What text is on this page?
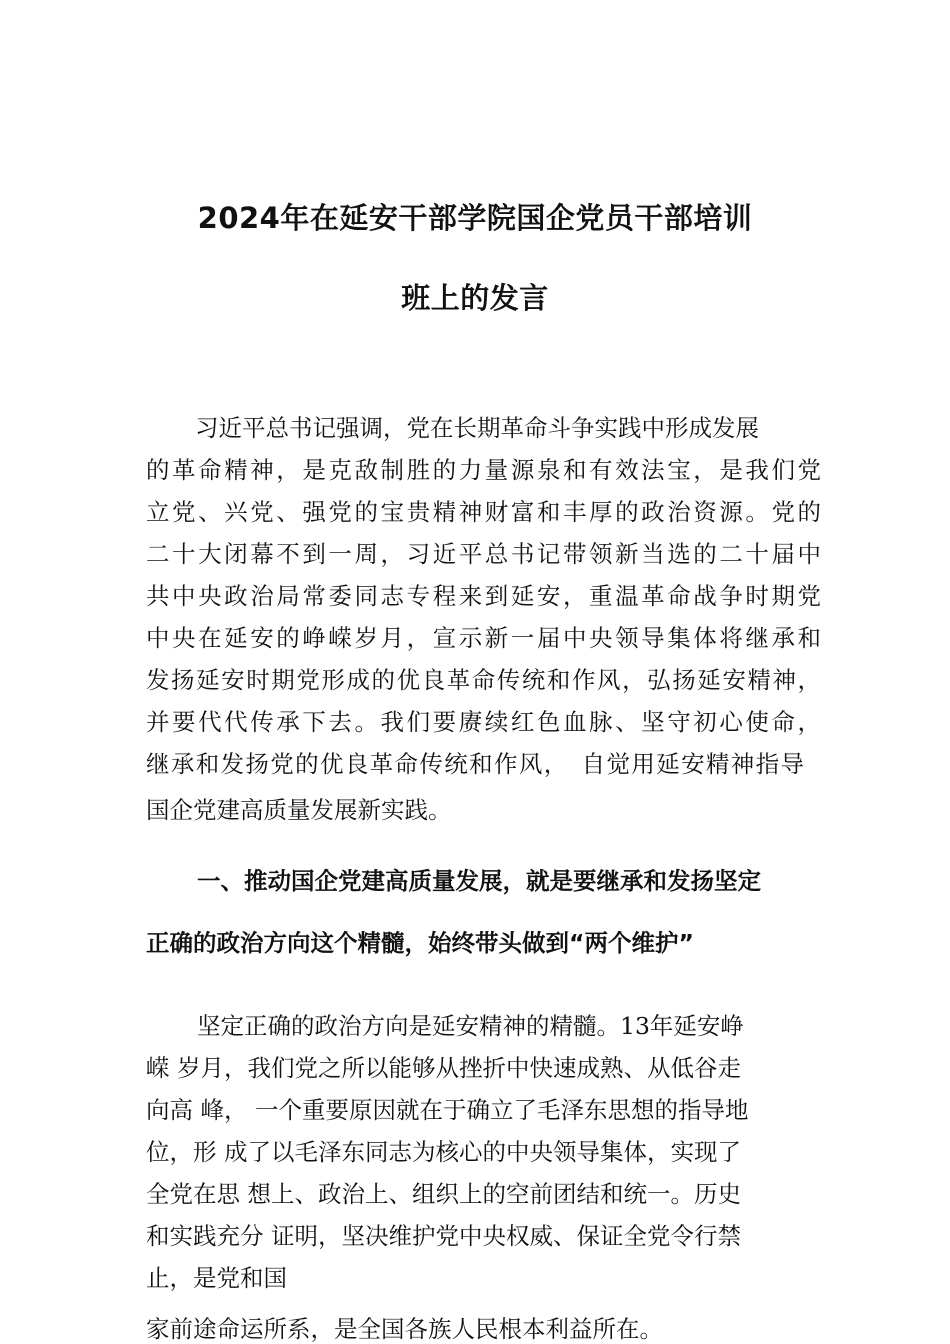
2024年在延安干部学院国企党员干部培训
班上的发言

习近平总书记强调，党在长期革命斗争实践中形成发展

的革命精神，是克敌制胜的力量源泉和有效法宝，是我们党

立党、兴党、强党的宝贵精神财富和丰厚的政治资源。党的

二十大闭幕不到一周，习近平总书记带领新当选的二十届中

共中央政治局常委同志专程来到延安，重温革命战争时期党

中央在延安的峥嵘岁月，宣示新一届中央领导集体将继承和

发扬延安时期党形成的优良革命传统和作风，弘扬延安精神，

并要代代传承下去。我们要赓续红色血脉、坚守初心使命，

继承和发扬党的优良革命传统和作风，　自觉用延安精神指导

国企党建高质量发展新实践。

一、推动国企党建高质量发展，就是要继承和发扬坚定

正确的政治方向这个精髓，始终带头做到“两个维护”

坚定正确的政治方向是延安精神的精髓。13年延安峥

嵘 岁月，我们党之所以能够从挫折中快速成熟、从低谷走

向高 峰， 一个重要原因就在于确立了毛泽东思想的指导地

位，形 成了以毛泽东同志为核心的中央领导集体，实现了

全党在思 想上、政治上、组织上的空前团结和统一。历史

和实践充分 证明，坚决维护党中央权威、保证全党令行禁

止，是党和国

家前途命运所系，是全国各族人民根本利益所在。
